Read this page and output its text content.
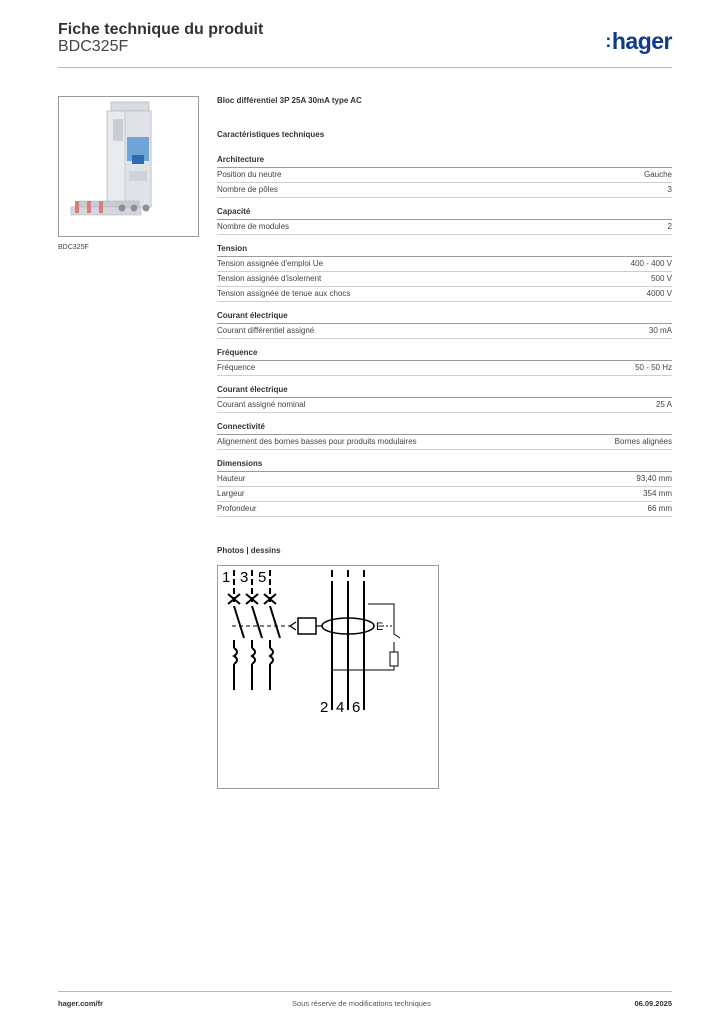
Fiche technique du produit
BDC325F	:hager
BDC325F
Bloc différentiel 3P 25A 30mA type AC
Caractéristiques techniques
Architecture
Position du neutre	Gauche
Nombre de pôles	3
Capacité
Nombre de modules	2
Tension
Tension assignée d'emploi Ue	400 - 400 V
Tension assignée d'isolement	500 V
Tension assignée de tenue aux chocs	4000 V
Courant électrique
Courant différentiel assigné	30 mA
Fréquence
Fréquence	50 - 50 Hz
Courant électrique
Courant assigné nominal	25 A
Connectivité
Alignement des bornes basses pour produits modulaires	Bornes alignées
Dimensions
Hauteur	93,40 mm
Largeur	354 mm
Profondeur	66 mm
Photos | dessins
1 3 5
2 4 6
E
hager.com/fr	Sous réserve de modifications techniques	06.09.2025
